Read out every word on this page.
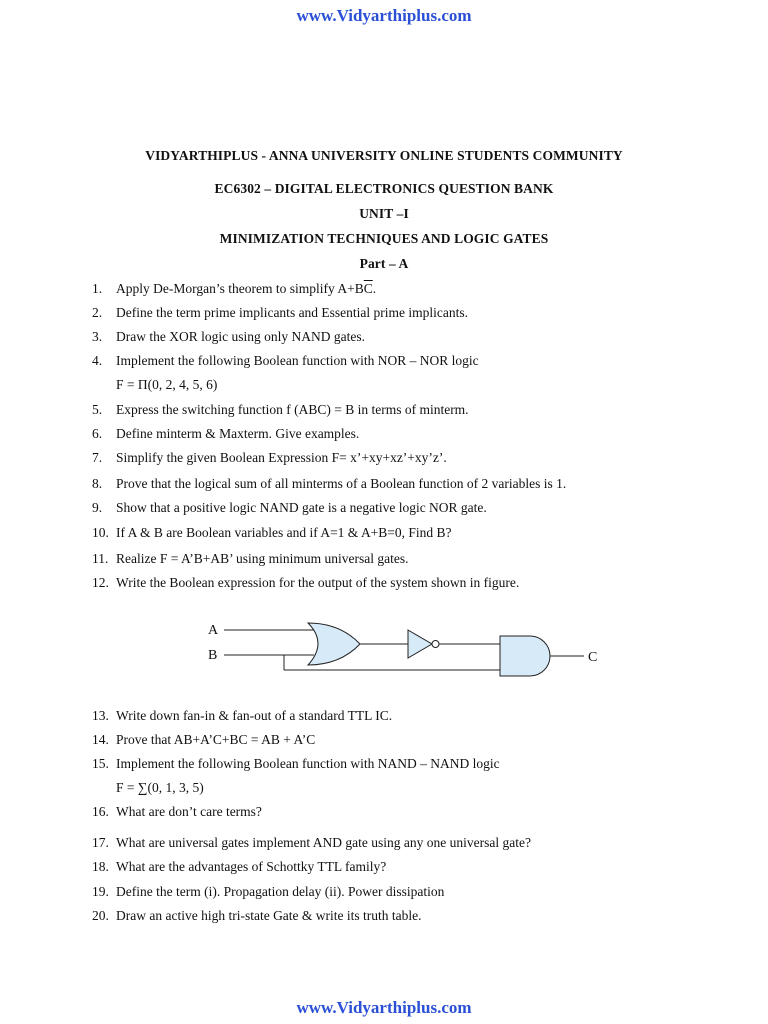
www.Vidyarthiplus.com
VIDYARTHIPLUS - ANNA UNIVERSITY ONLINE STUDENTS COMMUNITY
EC6302 – DIGITAL ELECTRONICS QUESTION BANK
UNIT –I
MINIMIZATION TECHNIQUES AND LOGIC GATES
Part – A
1. Apply De-Morgan’s theorem to simplify $A+B\overline{C}$.
2. Define the term prime implicants and Essential prime implicants.
3. Draw the XOR logic using only NAND gates.
4. Implement the following Boolean function with NOR – NOR logic
F = Π(0, 2, 4, 5, 6)
5. Express the switching function f (ABC) = B in terms of minterm.
6. Define minterm & Maxterm. Give examples.
7. Simplify the given Boolean Expression F= x’+xy+xz’+xy’z’.
8. Prove that the logical sum of all minterms of a Boolean function of 2 variables is 1.
9. Show that a positive logic NAND gate is a negative logic NOR gate.
10. If A & B are Boolean variables and if A=1 & A+B=0, Find B?
11. Realize F = A’B+AB’ using minimum universal gates.
12. Write the Boolean expression for the output of the system shown in figure.
A
B	C
13. Write down fan-in & fan-out of a standard TTL IC.
14. Prove that AB+A’C+BC = AB + A’C
15. Implement the following Boolean function with NAND – NAND logic
F = ∑(0, 1, 3, 5)
16. What are don’t care terms?
17. What are universal gates implement AND gate using any one universal gate?
18. What are the advantages of Schottky TTL family?
19. Define the term (i). Propagation delay (ii). Power dissipation
20. Draw an active high tri-state Gate & write its truth table.
www.Vidyarthiplus.com
